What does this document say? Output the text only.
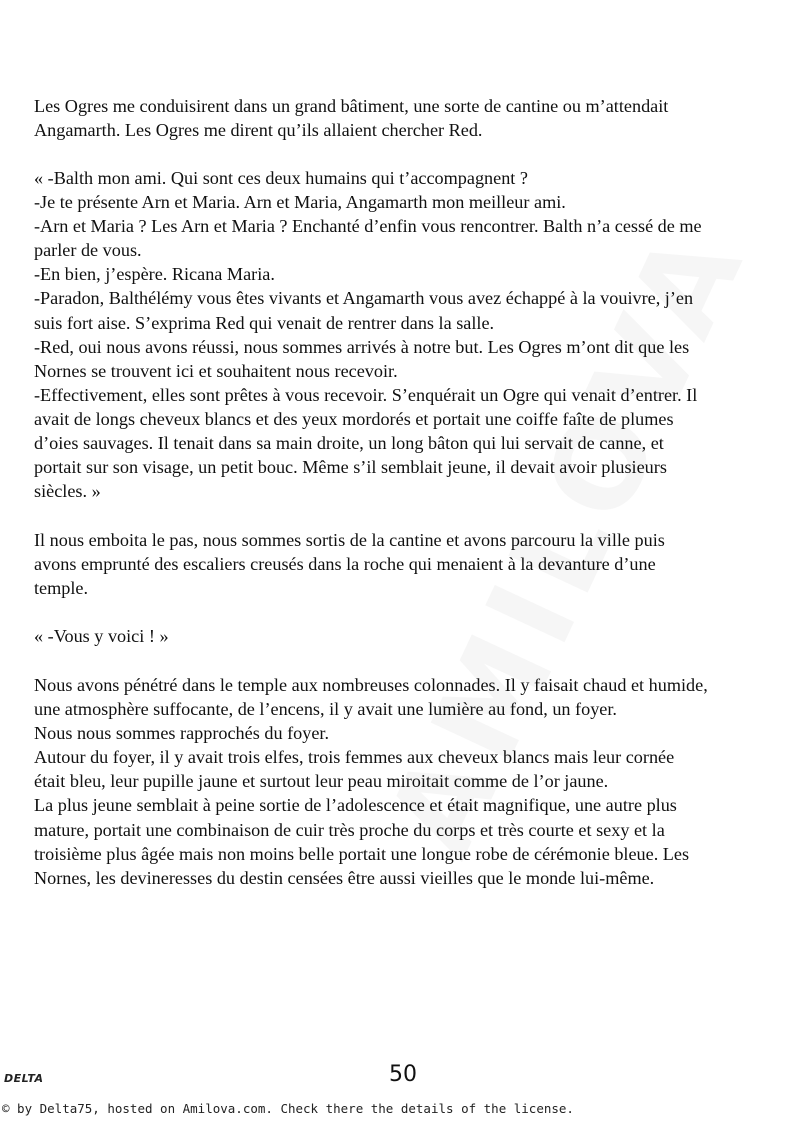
Les Ogres me conduisirent dans un grand bâtiment, une sorte de cantine ou m’attendait
Angamarth. Les Ogres me dirent qu’ils allaient chercher Red.
« -Balth mon ami. Qui sont ces deux humains qui t’accompagnent ?
-Je te présente Arn et Maria. Arn et Maria, Angamarth mon meilleur ami.
-Arn et Maria ? Les Arn et Maria ? Enchanté d’enfin vous rencontrer. Balth n’a cessé de me
parler de vous.
-En bien, j’espère. Ricana Maria.
-Paradon, Balthélémy vous êtes vivants et Angamarth vous avez échappé à la vouivre, j’en
suis fort aise. S’exprima Red qui venait de rentrer dans la salle.
-Red, oui nous avons réussi, nous sommes arrivés à notre but. Les Ogres m’ont dit que les
Nornes se trouvent ici et souhaitent nous recevoir.
-Effectivement, elles sont prêtes à vous recevoir. S’enquérait un Ogre qui venait d’entrer. Il
avait de longs cheveux blancs et des yeux mordorés et portait une coiffe faîte de plumes
d’oies sauvages. Il tenait dans sa main droite, un long bâton qui lui servait de canne, et
portait sur son visage, un petit bouc. Même s’il semblait jeune, il devait avoir plusieurs
siècles. »
Il nous emboita le pas, nous sommes sortis de la cantine et avons parcouru la ville puis
avons emprunté des escaliers creusés dans la roche qui menaient à la devanture d’une
temple.
« -Vous y voici ! »
Nous avons pénétré dans le temple aux nombreuses colonnades. Il y faisait chaud et humide,
une atmosphère suffocante, de l’encens, il y avait une lumière au fond, un foyer.
Nous nous sommes rapprochés du foyer.
Autour du foyer, il y avait trois elfes, trois femmes aux cheveux blancs mais leur cornée
était bleu, leur pupille jaune et surtout leur peau miroitait comme de l’or jaune.
La plus jeune semblait à peine sortie de l’adolescence et était magnifique, une autre plus
mature, portait une combinaison de cuir très proche du corps et très courte et sexy et la
troisième plus âgée mais non moins belle portait une longue robe de cérémonie bleue. Les
Nornes, les devineresses du destin censées être aussi vieilles que le monde lui-même.
DELTA	50
© by Delta75, hosted on Amilova.com. Check there the details of the license.
